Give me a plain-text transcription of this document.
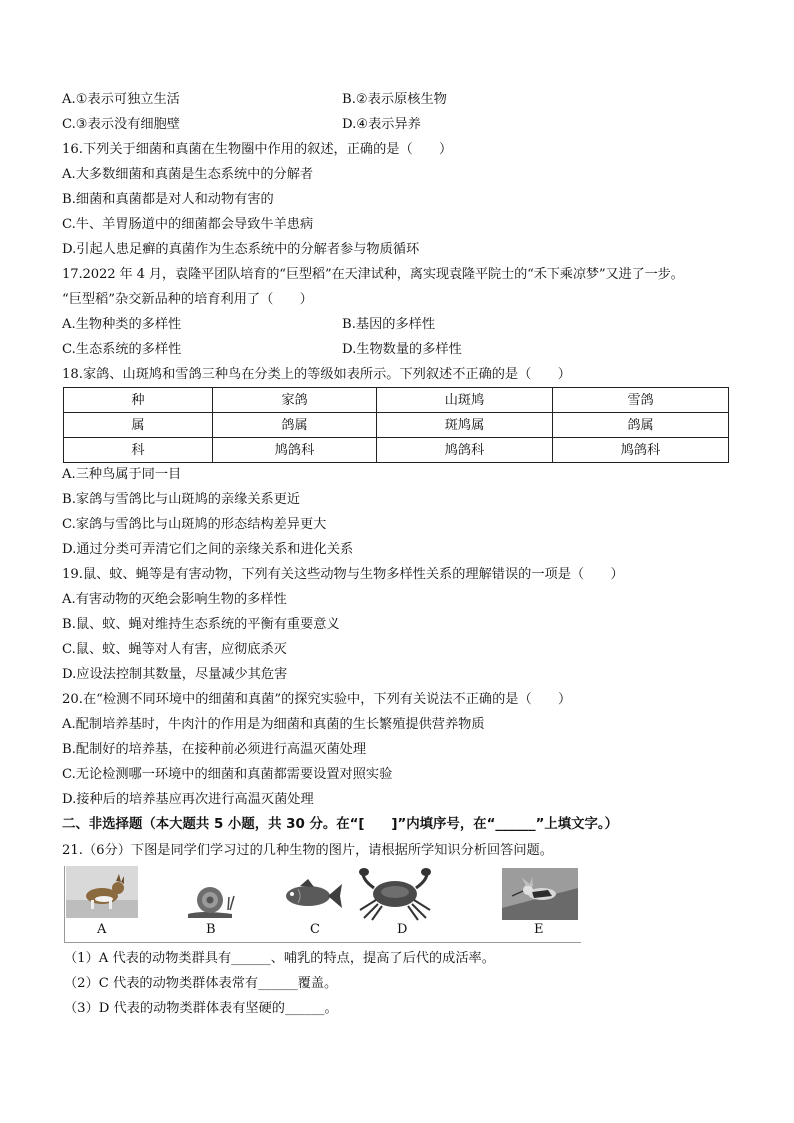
A.①表示可独立生活	B.②表示原核生物
C.③表示没有细胞壁	D.④表示异养
16.下列关于细菌和真菌在生物圈中作用的叙述，正确的是（　　）
A.大多数细菌和真菌是生态系统中的分解者
B.细菌和真菌都是对人和动物有害的
C.牛、羊胃肠道中的细菌都会导致牛羊患病
D.引起人患足癣的真菌作为生态系统中的分解者参与物质循环
17.2022 年 4 月，袁隆平团队培育的“巨型稻”在天津试种，离实现袁隆平院士的“禾下乘凉梦”又进了一步。
“巨型稻”杂交新品种的培育利用了（　　）
A.生物种类的多样性	B.基因的多样性
C.生态系统的多样性	D.生物数量的多样性
18.家鸽、山斑鸠和雪鸽三种鸟在分类上的等级如表所示。下列叙述不正确的是（　　）
种	家鸽	山斑鸠	雪鸽
属	鸽属	斑鸠属	鸽属
科	鸠鸽科	鸠鸽科	鸠鸽科
A.三种鸟属于同一目
B.家鸽与雪鸽比与山斑鸠的亲缘关系更近
C.家鸽与雪鸽比与山斑鸠的形态结构差异更大
D.通过分类可弄清它们之间的亲缘关系和进化关系
19.鼠、蚊、蝇等是有害动物，下列有关这些动物与生物多样性关系的理解错误的一项是（　　）
A.有害动物的灭绝会影响生物的多样性
B.鼠、蚊、蝇对维持生态系统的平衡有重要意义
C.鼠、蚊、蝇等对人有害，应彻底杀灭
D.应设法控制其数量，尽量减少其危害
20.在“检测不同环境中的细菌和真菌”的探究实验中，下列有关说法不正确的是（　　）
A.配制培养基时，牛肉汁的作用是为细菌和真菌的生长繁殖提供营养物质
B.配制好的培养基，在接种前必须进行高温灭菌处理
C.无论检测哪一环境中的细菌和真菌都需要设置对照实验
D.接种后的培养基应再次进行高温灭菌处理
二、非选择题（本大题共 5 小题，共 30 分。在“[　　]”内填序号，在“______”上填文字。）
21.（6分）下图是同学们学习过的几种生物的图片，请根据所学知识分析回答问题。
A	B	C	D	E
（1）A 代表的动物类群具有______、哺乳的特点，提高了后代的成活率。
（2）C 代表的动物类群体表常有______覆盖。
（3）D 代表的动物类群体表有坚硬的______。
